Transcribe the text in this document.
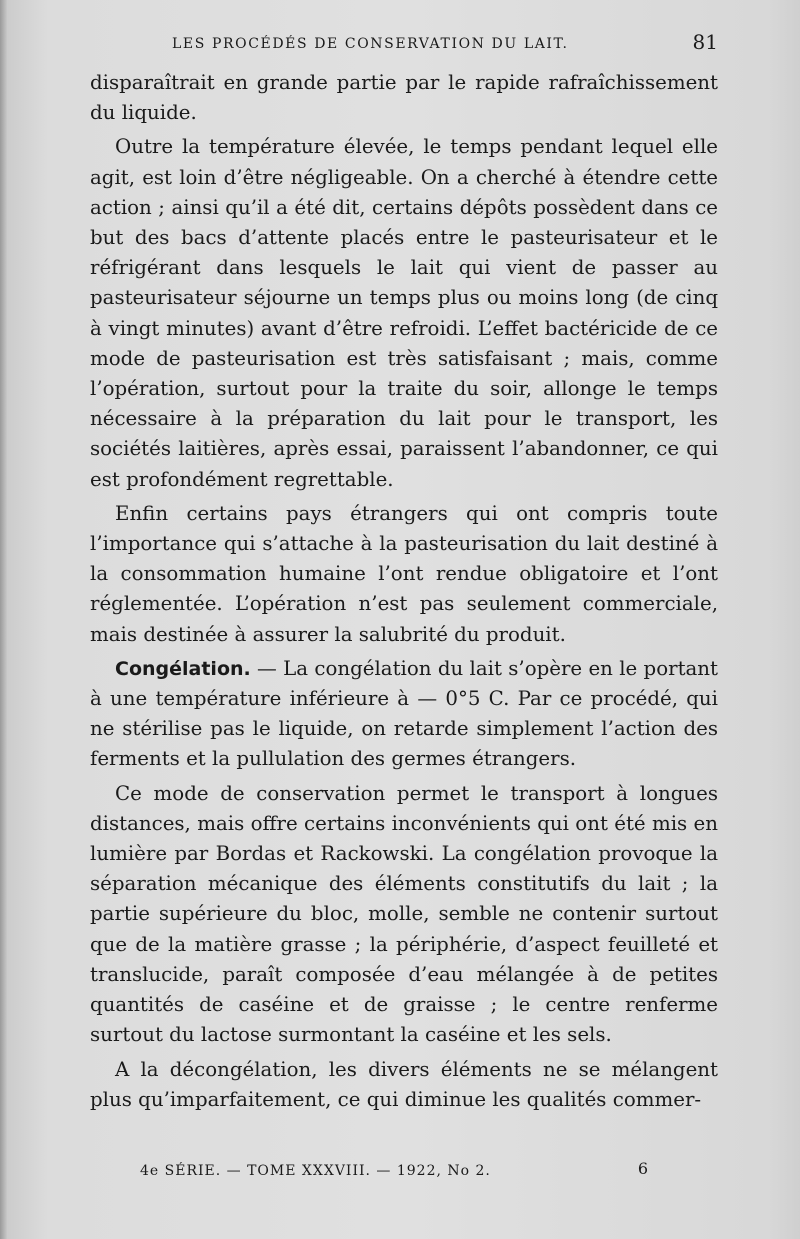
LES PROCÉDÉS DE CONSERVATION DU LAIT.	81

disparaîtrait en grande partie par le rapide rafraîchissement du liquide.

Outre la température élevée, le temps pendant lequel elle agit, est loin d’être négligeable. On a cherché à étendre cette action ; ainsi qu’il a été dit, certains dépôts possèdent dans ce but des bacs d’attente placés entre le pasteurisateur et le réfrigérant dans lesquels le lait qui vient de passer au pasteurisateur séjourne un temps plus ou moins long (de cinq à vingt minutes) avant d’être refroidi. L’effet bactéricide de ce mode de pasteurisation est très satisfaisant ; mais, comme l’opération, surtout pour la traite du soir, allonge le temps nécessaire à la préparation du lait pour le transport, les sociétés laitières, après essai, paraissent l’abandonner, ce qui est profondément regrettable.

Enfin certains pays étrangers qui ont compris toute l’importance qui s’attache à la pasteurisation du lait destiné à la consommation humaine l’ont rendue obligatoire et l’ont réglementée. L’opération n’est pas seulement commerciale, mais destinée à assurer la salubrité du produit.

Congélation. — La congélation du lait s’opère en le portant à une température inférieure à — 0°5 C. Par ce procédé, qui ne stérilise pas le liquide, on retarde simplement l’action des ferments et la pullulation des germes étrangers.

Ce mode de conservation permet le transport à longues distances, mais offre certains inconvénients qui ont été mis en lumière par Bordas et Rackowski. La congélation provoque la séparation mécanique des éléments constitutifs du lait ; la partie supérieure du bloc, molle, semble ne contenir surtout que de la matière grasse ; la périphérie, d’aspect feuilleté et translucide, paraît composée d’eau mélangée à de petites quantités de caséine et de graisse ; le centre renferme surtout du lactose surmontant la caséine et les sels.

A la décongélation, les divers éléments ne se mélangent plus qu’imparfaitement, ce qui diminue les qualités commer-

4e SÉRIE. — TOME XXXVIII. — 1922, No 2.	6
